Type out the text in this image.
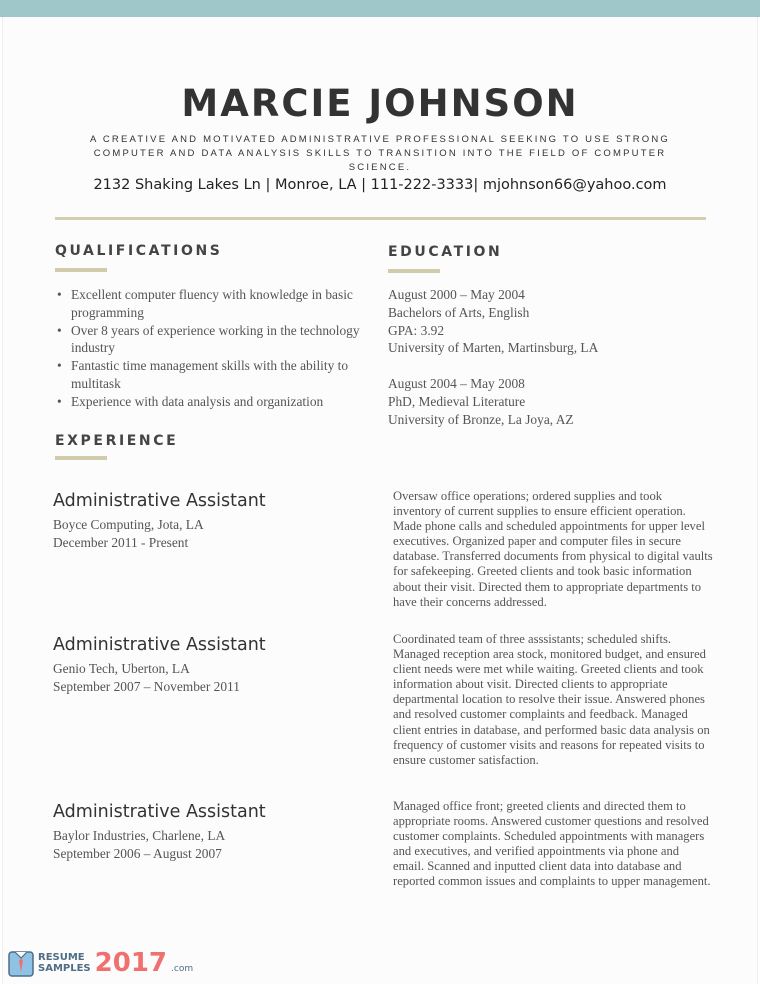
MARCIE JOHNSON
A CREATIVE AND MOTIVATED ADMINISTRATIVE PROFESSIONAL SEEKING TO USE STRONG COMPUTER AND DATA ANALYSIS SKILLS TO TRANSITION INTO THE FIELD OF COMPUTER SCIENCE.
2132 Shaking Lakes Ln | Monroe, LA | 111-222-3333| mjohnson66@yahoo.com
QUALIFICATIONS
• Excellent computer fluency with knowledge in basic programming
• Over 8 years of experience working in the technology industry
• Fantastic time management skills with the ability to multitask
• Experience with data analysis and organization
EDUCATION
August 2000 – May 2004
Bachelors of Arts, English
GPA: 3.92
University of Marten, Martinsburg, LA
August 2004 – May 2008
PhD, Medieval Literature
University of Bronze, La Joya, AZ
EXPERIENCE
Administrative Assistant
Boyce Computing, Jota, LA
December 2011 - Present
Oversaw office operations; ordered supplies and took inventory of current supplies to ensure efficient operation. Made phone calls and scheduled appointments for upper level executives. Organized paper and computer files in secure database. Transferred documents from physical to digital vaults for safekeeping. Greeted clients and took basic information about their visit. Directed them to appropriate departments to have their concerns addressed.
Administrative Assistant
Genio Tech, Uberton, LA
September 2007 – November 2011
Coordinated team of three asssistants; scheduled shifts. Managed reception area stock, monitored budget, and ensured client needs were met while waiting. Greeted clients and took information about visit. Directed clients to appropriate departmental location to resolve their issue. Answered phones and resolved customer complaints and feedback. Managed client entries in database, and performed basic data analysis on frequency of customer visits and reasons for repeated visits to ensure customer satisfaction.
Administrative Assistant
Baylor Industries, Charlene, LA
September 2006 – August 2007
Managed office front; greeted clients and directed them to appropriate rooms. Answered customer questions and resolved customer complaints. Scheduled appointments with managers and executives, and verified appointments via phone and email. Scanned and inputted client data into database and reported common issues and complaints to upper management.
RESUME
SAMPLES 2017 .com
